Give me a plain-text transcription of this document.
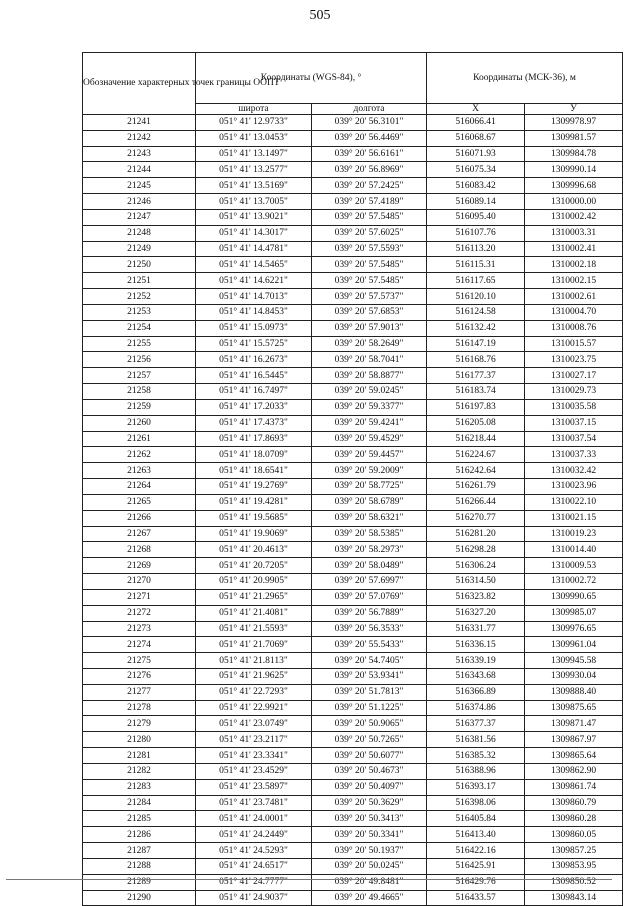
505
Обозначение характерных точек границы ООПТ	Координаты (WGS-84), °		Координаты (МСК-36), м	
	широта	долгота	X	У
21241	051° 41' 12.9733"	039° 20' 56.3101"	516066.41	1309978.97
21242	051° 41' 13.0453"	039° 20' 56.4469"	516068.67	1309981.57
21243	051° 41' 13.1497"	039° 20' 56.6161"	516071.93	1309984.78
21244	051° 41' 13.2577"	039° 20' 56.8969"	516075.34	1309990.14
21245	051° 41' 13.5169"	039° 20' 57.2425"	516083.42	1309996.68
21246	051° 41' 13.7005"	039° 20' 57.4189"	516089.14	1310000.00
21247	051° 41' 13.9021"	039° 20' 57.5485"	516095.40	1310002.42
21248	051° 41' 14.3017"	039° 20' 57.6025"	516107.76	1310003.31
21249	051° 41' 14.4781"	039° 20' 57.5593"	516113.20	1310002.41
21250	051° 41' 14.5465"	039° 20' 57.5485"	516115.31	1310002.18
21251	051° 41' 14.6221"	039° 20' 57.5485"	516117.65	1310002.15
21252	051° 41' 14.7013"	039° 20' 57.5737"	516120.10	1310002.61
21253	051° 41' 14.8453"	039° 20' 57.6853"	516124.58	1310004.70
21254	051° 41' 15.0973"	039° 20' 57.9013"	516132.42	1310008.76
21255	051° 41' 15.5725"	039° 20' 58.2649"	516147.19	1310015.57
21256	051° 41' 16.2673"	039° 20' 58.7041"	516168.76	1310023.75
21257	051° 41' 16.5445"	039° 20' 58.8877"	516177.37	1310027.17
21258	051° 41' 16.7497"	039° 20' 59.0245"	516183.74	1310029.73
21259	051° 41' 17.2033"	039° 20' 59.3377"	516197.83	1310035.58
21260	051° 41' 17.4373"	039° 20' 59.4241"	516205.08	1310037.15
21261	051° 41' 17.8693"	039° 20' 59.4529"	516218.44	1310037.54
21262	051° 41' 18.0709"	039° 20' 59.4457"	516224.67	1310037.33
21263	051° 41' 18.6541"	039° 20' 59.2009"	516242.64	1310032.42
21264	051° 41' 19.2769"	039° 20' 58.7725"	516261.79	1310023.96
21265	051° 41' 19.4281"	039° 20' 58.6789"	516266.44	1310022.10
21266	051° 41' 19.5685"	039° 20' 58.6321"	516270.77	1310021.15
21267	051° 41' 19.9069"	039° 20' 58.5385"	516281.20	1310019.23
21268	051° 41' 20.4613"	039° 20' 58.2973"	516298.28	1310014.40
21269	051° 41' 20.7205"	039° 20' 58.0489"	516306.24	1310009.53
21270	051° 41' 20.9905"	039° 20' 57.6997"	516314.50	1310002.72
21271	051° 41' 21.2965"	039° 20' 57.0769"	516323.82	1309990.65
21272	051° 41' 21.4081"	039° 20' 56.7889"	516327.20	1309985.07
21273	051° 41' 21.5593"	039° 20' 56.3533"	516331.77	1309976.65
21274	051° 41' 21.7069"	039° 20' 55.5433"	516336.15	1309961.04
21275	051° 41' 21.8113"	039° 20' 54.7405"	516339.19	1309945.58
21276	051° 41' 21.9625"	039° 20' 53.9341"	516343.68	1309930.04
21277	051° 41' 22.7293"	039° 20' 51.7813"	516366.89	1309888.40
21278	051° 41' 22.9921"	039° 20' 51.1225"	516374.86	1309875.65
21279	051° 41' 23.0749"	039° 20' 50.9065"	516377.37	1309871.47
21280	051° 41' 23.2117"	039° 20' 50.7265"	516381.56	1309867.97
21281	051° 41' 23.3341"	039° 20' 50.6077"	516385.32	1309865.64
21282	051° 41' 23.4529"	039° 20' 50.4673"	516388.96	1309862.90
21283	051° 41' 23.5897"	039° 20' 50.4097"	516393.17	1309861.74
21284	051° 41' 23.7481"	039° 20' 50.3629"	516398.06	1309860.79
21285	051° 41' 24.0001"	039° 20' 50.3413"	516405.84	1309860.28
21286	051° 41' 24.2449"	039° 20' 50.3341"	516413.40	1309860.05
21287	051° 41' 24.5293"	039° 20' 50.1937"	516422.16	1309857.25
21288	051° 41' 24.6517"	039° 20' 50.0245"	516425.91	1309853.95
21289	051° 41' 24.7777"	039° 20' 49.8481"	516429.76	1309850.52
21290	051° 41' 24.9037"	039° 20' 49.4665"	516433.57	1309843.14
